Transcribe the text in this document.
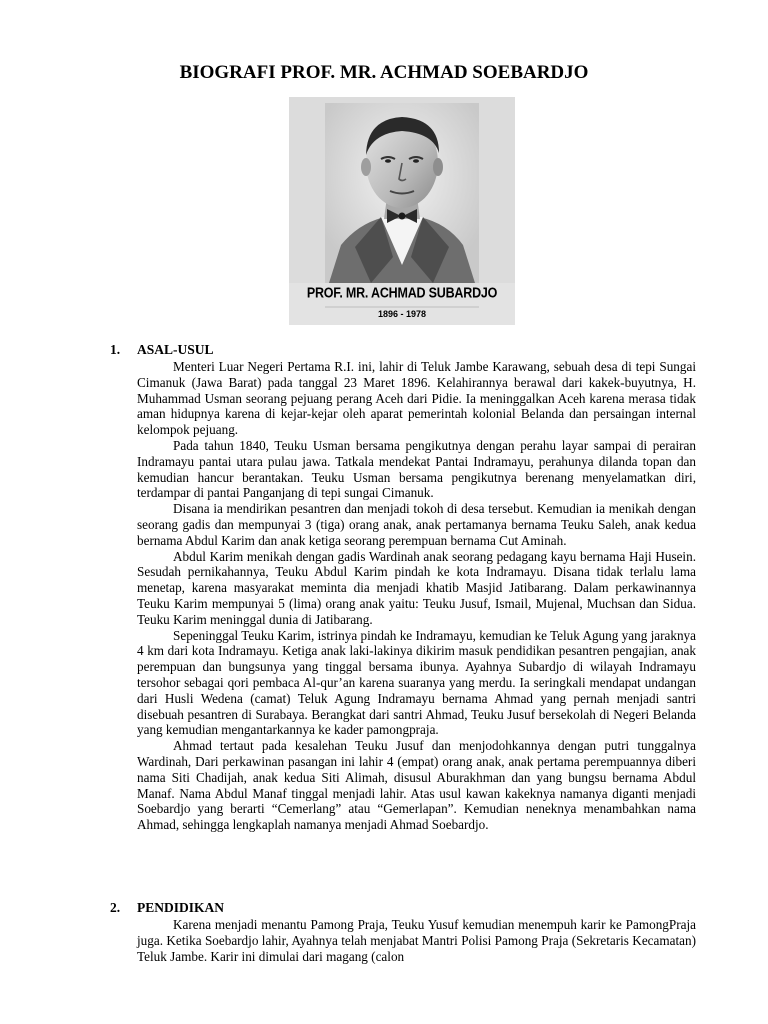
BIOGRAFI PROF. MR. ACHMAD SOEBARDJO
PROF. MR. ACHMAD SUBARDJO
1896 - 1978
1. ASAL-USUL

Menteri Luar Negeri Pertama R.I. ini, lahir di Teluk Jambe Karawang, sebuah desa di tepi Sungai Cimanuk (Jawa Barat) pada tanggal 23 Maret 1896. Kelahirannya berawal dari kakek-buyutnya, H. Muhammad Usman seorang pejuang perang Aceh dari Pidie. Ia meninggalkan Aceh karena merasa tidak aman hidupnya karena di kejar-kejar oleh aparat pemerintah kolonial Belanda dan persaingan internal kelompok pejuang.

Pada tahun 1840, Teuku Usman bersama pengikutnya dengan perahu layar sampai di perairan Indramayu pantai utara pulau jawa. Tatkala mendekat Pantai Indramayu, perahunya dilanda topan dan kemudian hancur berantakan. Teuku Usman bersama pengikutnya berenang menyelamatkan diri, terdampar di pantai Panganjang di tepi sungai Cimanuk.

Disana ia mendirikan pesantren dan menjadi tokoh di desa tersebut. Kemudian ia menikah dengan seorang gadis dan mempunyai 3 (tiga) orang anak, anak pertamanya bernama Teuku Saleh, anak kedua bernama Abdul Karim dan anak ketiga seorang perempuan bernama Cut Aminah.

Abdul Karim menikah dengan gadis Wardinah anak seorang pedagang kayu bernama Haji Husein. Sesudah pernikahannya, Teuku Abdul Karim pindah ke kota Indramayu. Disana tidak terlalu lama menetap, karena masyarakat meminta dia menjadi khatib Masjid Jatibarang. Dalam perkawinannya Teuku Karim mempunyai 5 (lima) orang anak yaitu: Teuku Jusuf, Ismail, Mujenal, Muchsan dan Sidua. Teuku Karim meninggal dunia di Jatibarang.

Sepeninggal Teuku Karim, istrinya pindah ke Indramayu, kemudian ke Teluk Agung yang jaraknya 4 km dari kota Indramayu. Ketiga anak laki-lakinya dikirim masuk pendidikan pesantren pengajian, anak perempuan dan bungsunya yang tinggal bersama ibunya. Ayahnya Subardjo di wilayah Indramayu tersohor sebagai qori pembaca Al-qur’an karena suaranya yang merdu. Ia seringkali mendapat undangan dari Husli Wedena (camat) Teluk Agung Indramayu bernama Ahmad yang pernah menjadi santri disebuah pesantren di Surabaya. Berangkat dari santri Ahmad, Teuku Jusuf bersekolah di Negeri Belanda yang kemudian mengantarkannya ke kader pamongpraja.

Ahmad tertaut pada kesalehan Teuku Jusuf dan menjodohkannya dengan putri tunggalnya Wardinah, Dari perkawinan pasangan ini lahir 4 (empat) orang anak, anak pertama perempuannya diberi nama Siti Chadijah, anak kedua Siti Alimah, disusul Aburakhman dan yang bungsu bernama Abdul Manaf. Nama Abdul Manaf tinggal menjadi lahir. Atas usul kawan kakeknya namanya diganti menjadi Soebardjo yang berarti “Cemerlang” atau “Gemerlapan”. Kemudian neneknya menambahkan nama Ahmad, sehingga lengkaplah namanya menjadi Ahmad Soebardjo.

2. PENDIDIKAN

Karena menjadi menantu Pamong Praja, Teuku Yusuf kemudian menempuh karir ke PamongPraja juga. Ketika Soebardjo lahir, Ayahnya telah menjabat Mantri Polisi Pamong Praja (Sekretaris Kecamatan) Teluk Jambe. Karir ini dimulai dari magang (calon
